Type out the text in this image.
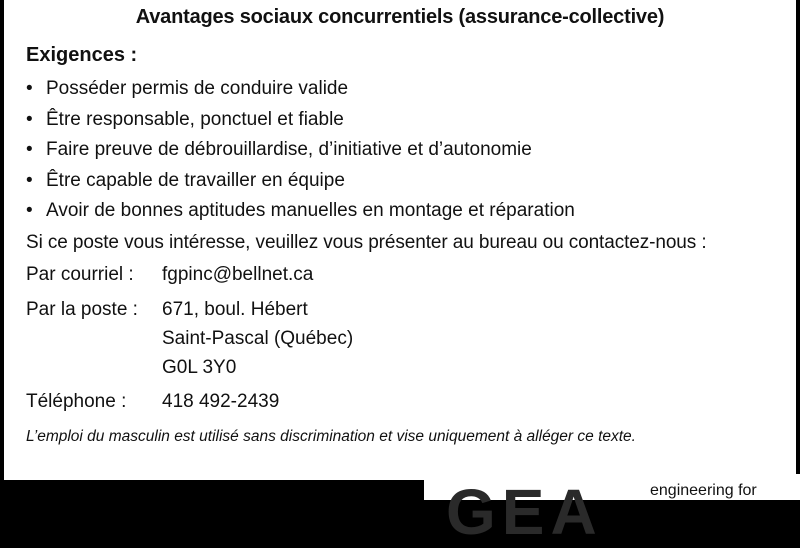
Avantages sociaux concurrentiels (assurance-collective)
Exigences :
• Posséder permis de conduire valide
• Être responsable, ponctuel et fiable
• Faire preuve de débrouillardise, d’initiative et d’autonomie
• Être capable de travailler en équipe
• Avoir de bonnes aptitudes manuelles en montage et réparation
Si ce poste vous intéresse, veuillez vous présenter au bureau ou contactez-nous :
Par courriel :	fgpinc@bellnet.ca
Par la poste : 671, boul. Hébert
Saint-Pascal (Québec)
G0L 3Y0
Téléphone : 418 492-2439
L’emploi du masculin est utilisé sans discrimination et vise uniquement à alléger ce texte.
GEA	engineering for
